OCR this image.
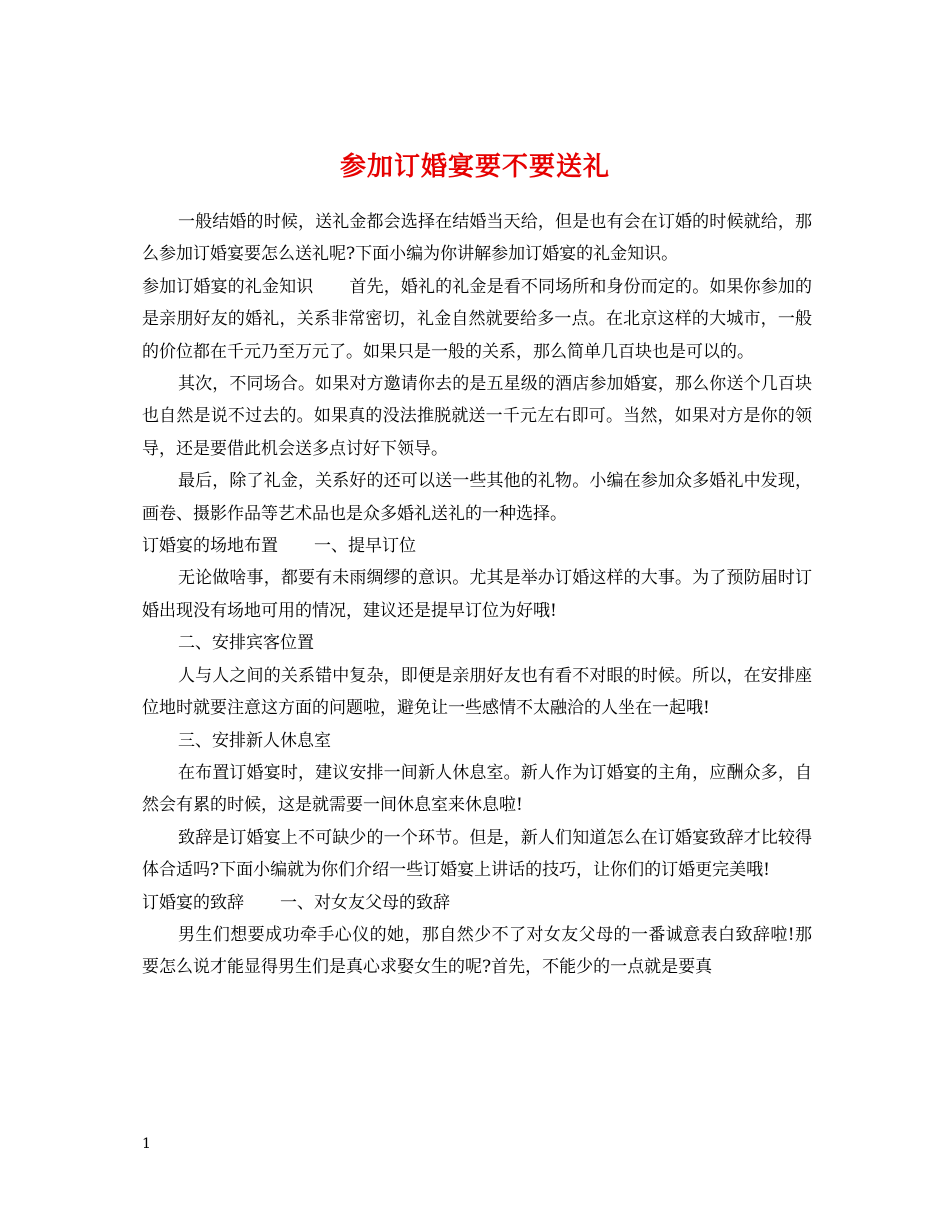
参加订婚宴要不要送礼

一般结婚的时候，送礼金都会选择在结婚当天给，但是也有会在订婚的时候就给，那么参加订婚宴要怎么送礼呢?下面小编为你讲解参加订婚宴的礼金知识。

参加订婚宴的礼金知识 首先，婚礼的礼金是看不同场所和身份而定的。如果你参加的是亲朋好友的婚礼，关系非常密切，礼金自然就要给多一点。在北京这样的大城市，一般的价位都在千元乃至万元了。如果只是一般的关系，那么简单几百块也是可以的。

其次，不同场合。如果对方邀请你去的是五星级的酒店参加婚宴，那么你送个几百块也自然是说不过去的。如果真的没法推脱就送一千元左右即可。当然，如果对方是你的领导，还是要借此机会送多点讨好下领导。

最后，除了礼金，关系好的还可以送一些其他的礼物。小编在参加众多婚礼中发现，画卷、摄影作品等艺术品也是众多婚礼送礼的一种选择。

订婚宴的场地布置 一、提早订位

无论做啥事，都要有未雨绸缪的意识。尤其是举办订婚这样的大事。为了预防届时订婚出现没有场地可用的情况，建议还是提早订位为好哦!

二、安排宾客位置

人与人之间的关系错中复杂，即便是亲朋好友也有看不对眼的时候。所以，在安排座位地时就要注意这方面的问题啦，避免让一些感情不太融洽的人坐在一起哦!

三、安排新人休息室

在布置订婚宴时，建议安排一间新人休息室。新人作为订婚宴的主角，应酬众多，自然会有累的时候，这是就需要一间休息室来休息啦!

致辞是订婚宴上不可缺少的一个环节。但是，新人们知道怎么在订婚宴致辞才比较得体合适吗?下面小编就为你们介绍一些订婚宴上讲话的技巧，让你们的订婚更完美哦!

订婚宴的致辞 一、对女友父母的致辞

男生们想要成功牵手心仪的她，那自然少不了对女友父母的一番诚意表白致辞啦!那要怎么说才能显得男生们是真心求娶女生的呢?首先，不能少的一点就是要真

1
